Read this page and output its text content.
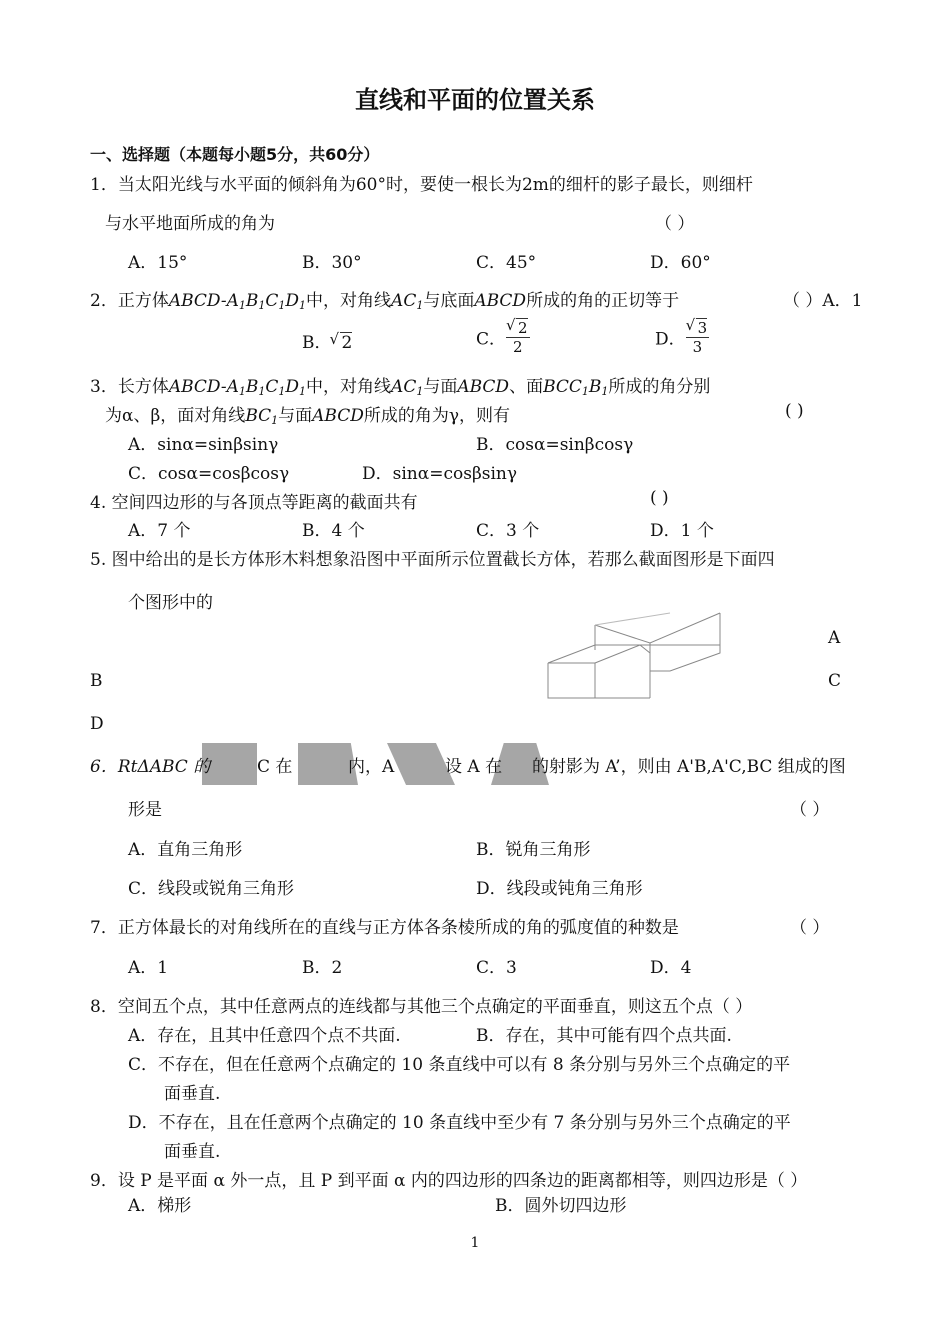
直线和平面的位置关系
一、选择题（本题每小题5分，共60分）
1．当太阳光线与水平面的倾斜角为60°时，要使一根长为2m的细杆的影子最长，则细杆
与水平地面所成的角为	（ ）
A．15°	B．30°	C．45°	D．60°
2．正方体ABCD-$A_1B_1C_1D_1$中，对角线$AC_1$与底面ABCD所成的角的正切等于	（ ）A．1
B． √ 2	C． √ $\frac{2}{2}$	D． √ $\frac{3}{3}$
3．长方体ABCD-$A_1B_1C_1D_1$中，对角线$AC_1$与面ABCD、面$BCC_1B_1$所成的角分别
为α、β，面对角线$BC_1$与面ABCD所成的角为γ，则有	( )
A．sinα=sinβsinγ	B．cosα=sinβcosγ
C．cosα=cosβcosγ	D．sinα=cosβsinγ
4. 空间四边形的与各顶点等距离的截面共有	( )
A．7 个	B．4 个	C．3 个	D．1 个
5. 图中给出的是长方体形木料想象沿图中平面所示位置截长方体，若那么截面图形是下面四
个图形中的
A
B	C
D
6．RtΔABC 的	C 在	内，A	设 A 在 的射影为 A’，则由 A'B,A'C,BC 组成的图
形是	（ ）
A．直角三角形	B．锐角三角形
C．线段或锐角三角形	D．线段或钝角三角形
7．正方体最长的对角线所在的直线与正方体各条棱所成的角的弧度值的种数是	（ ）
A．1	B．2	C．3	D．4
8．空间五个点，其中任意两点的连线都与其他三个点确定的平面垂直，则这五个点（ ）
A．存在，且其中任意四个点不共面.	B．存在，其中可能有四个点共面.
C．不存在，但在任意两个点确定的 10 条直线中可以有 8 条分别与另外三个点确定的平
面垂直.
D．不存在，且在任意两个点确定的 10 条直线中至少有 7 条分别与另外三个点确定的平
面垂直.
9．设 P 是平面 α 外一点，且 P 到平面 α 内的四边形的四条边的距离都相等，则四边形是（ ）
A．梯形	B．圆外切四边形
1
